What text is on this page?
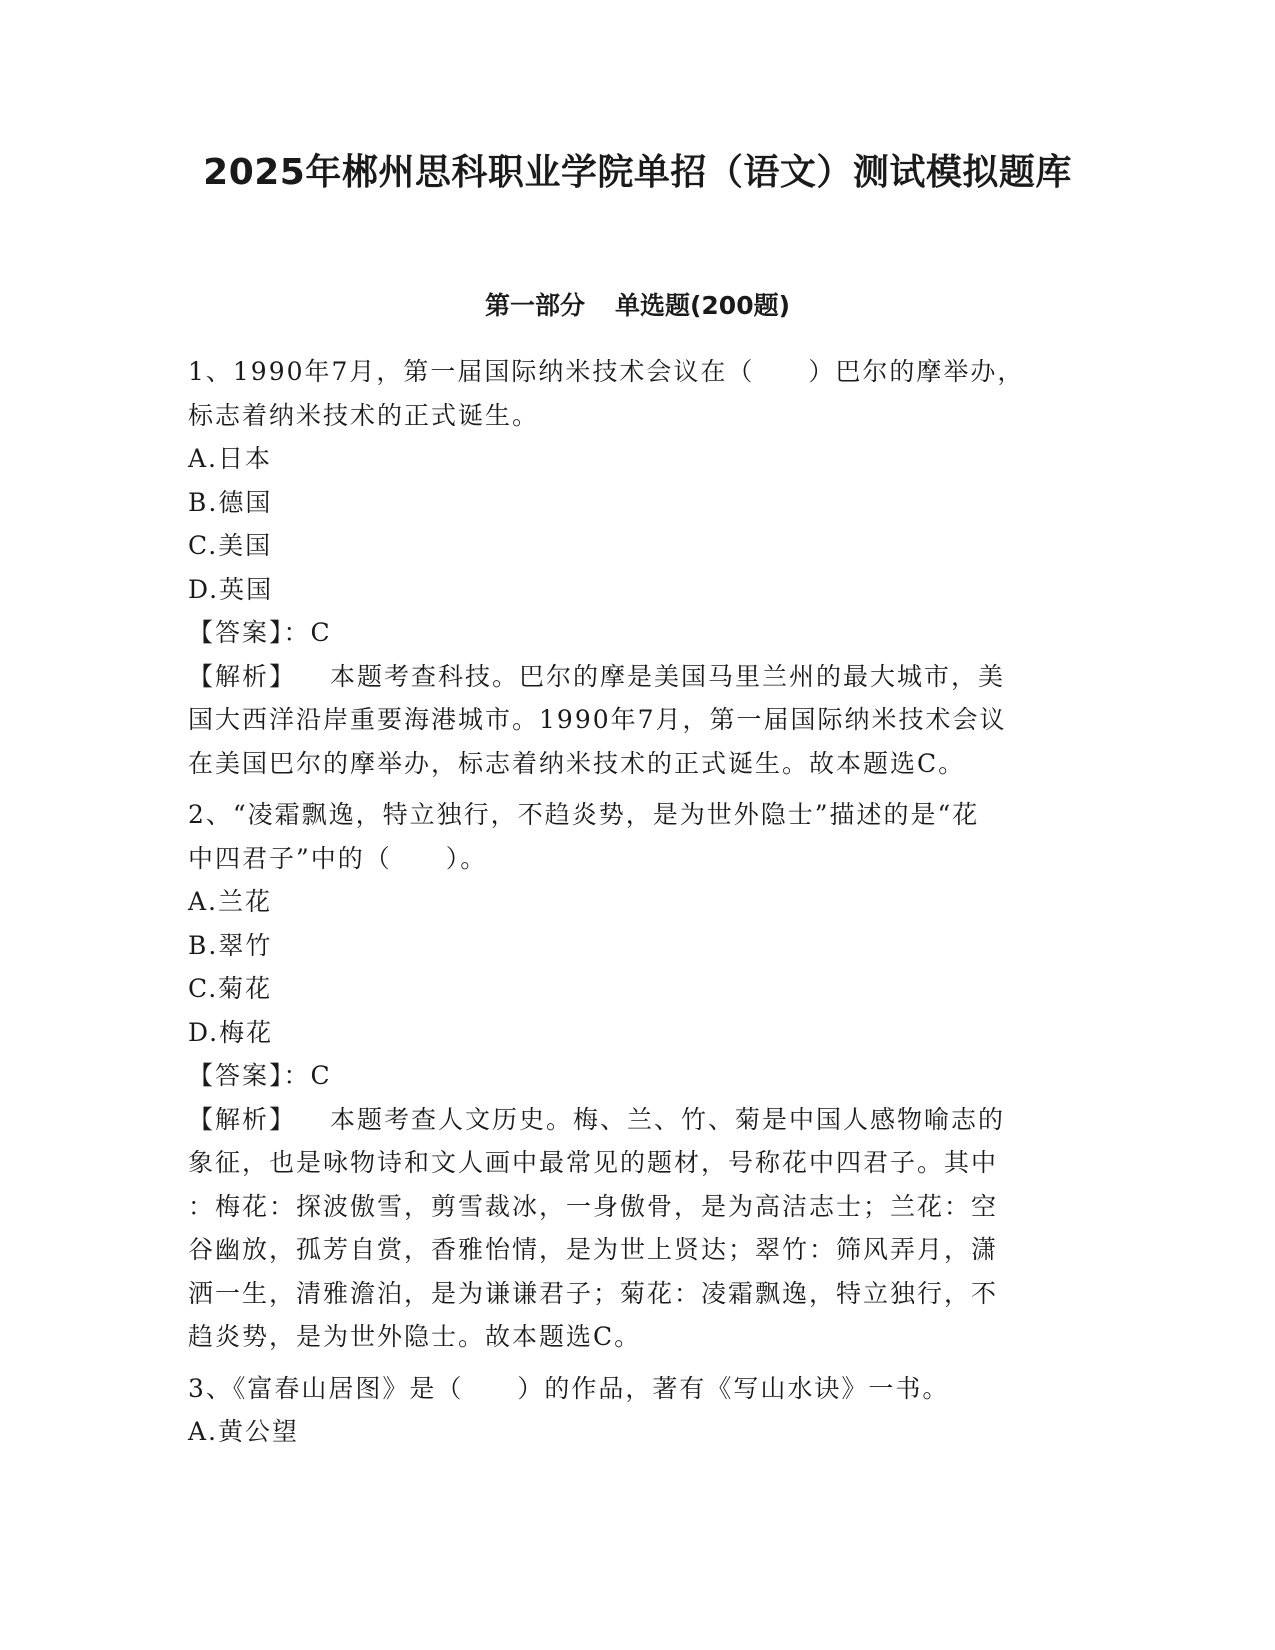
2025年郴州思科职业学院单招（语文）测试模拟题库
第一部分 单选题(200题)
1、1990年7月，第一届国际纳米技术会议在（　　）巴尔的摩举办，
标志着纳米技术的正式诞生。
A.日本
B.德国
C.美国
D.英国
【答案】：C
【解析】 本题考查科技。巴尔的摩是美国马里兰州的最大城市，美
国大西洋沿岸重要海港城市。1990年7月，第一届国际纳米技术会议
在美国巴尔的摩举办，标志着纳米技术的正式诞生。故本题选C。
2、“凌霜飘逸，特立独行，不趋炎势，是为世外隐士”描述的是“花
中四君子”中的（　　）。
A.兰花
B.翠竹
C.菊花
D.梅花
【答案】：C
【解析】 本题考查人文历史。梅、兰、竹、菊是中国人感物喻志的
象征，也是咏物诗和文人画中最常见的题材，号称花中四君子。其中
：梅花：探波傲雪，剪雪裁冰，一身傲骨，是为高洁志士；兰花：空
谷幽放，孤芳自赏，香雅怡情，是为世上贤达；翠竹：筛风弄月，潇
洒一生，清雅澹泊，是为谦谦君子；菊花：凌霜飘逸，特立独行，不
趋炎势，是为世外隐士。故本题选C。
3、《富春山居图》是（　　）的作品，著有《写山水诀》一书。
A.黄公望
